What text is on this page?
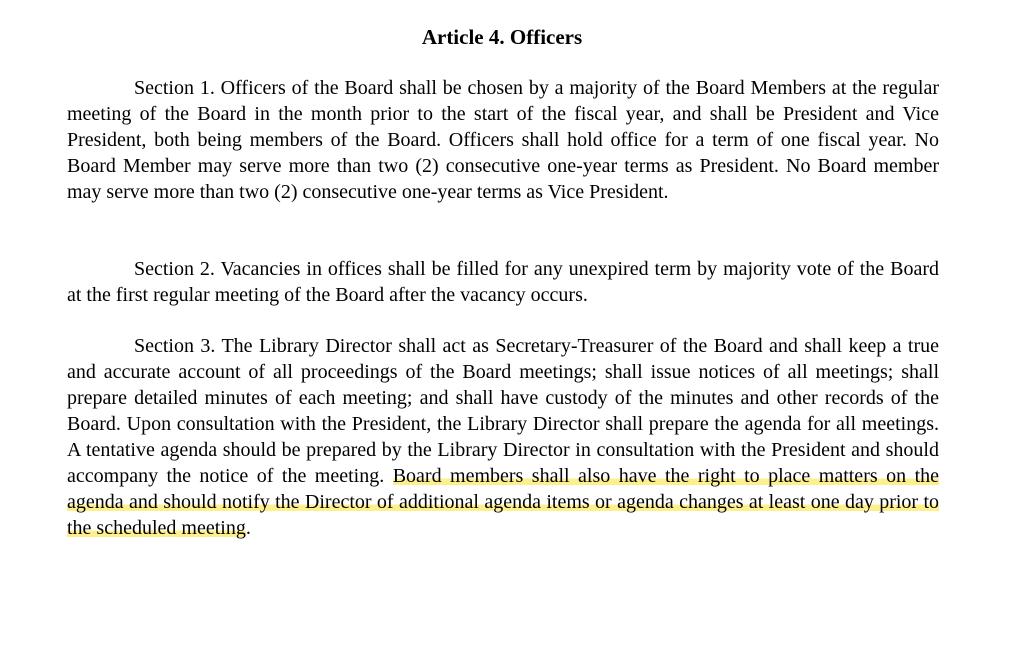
Article 4. Officers

Section 1. Officers of the Board shall be chosen by a majority of the Board Members at the regular meeting of the Board in the month prior to the start of the fiscal year, and shall be President and Vice President, both being members of the Board. Officers shall hold office for a term of one fiscal year. No Board Member may serve more than two (2) consecutive one-year terms as President. No Board member may serve more than two (2) consecutive one-year terms as Vice President.

Section 2. Vacancies in offices shall be filled for any unexpired term by majority vote of the Board at the first regular meeting of the Board after the vacancy occurs.

Section 3. The Library Director shall act as Secretary-Treasurer of the Board and shall keep a true and accurate account of all proceedings of the Board meetings; shall issue notices of all meetings; shall prepare detailed minutes of each meeting; and shall have custody of the minutes and other records of the Board. Upon consultation with the President, the Library Director shall prepare the agenda for all meetings. A tentative agenda should be prepared by the Library Director in consultation with the President and should accompany the notice of the meeting. Board members shall also have the right to place matters on the agenda and should notify the Director of additional agenda items or agenda changes at least one day prior to the scheduled meeting.
